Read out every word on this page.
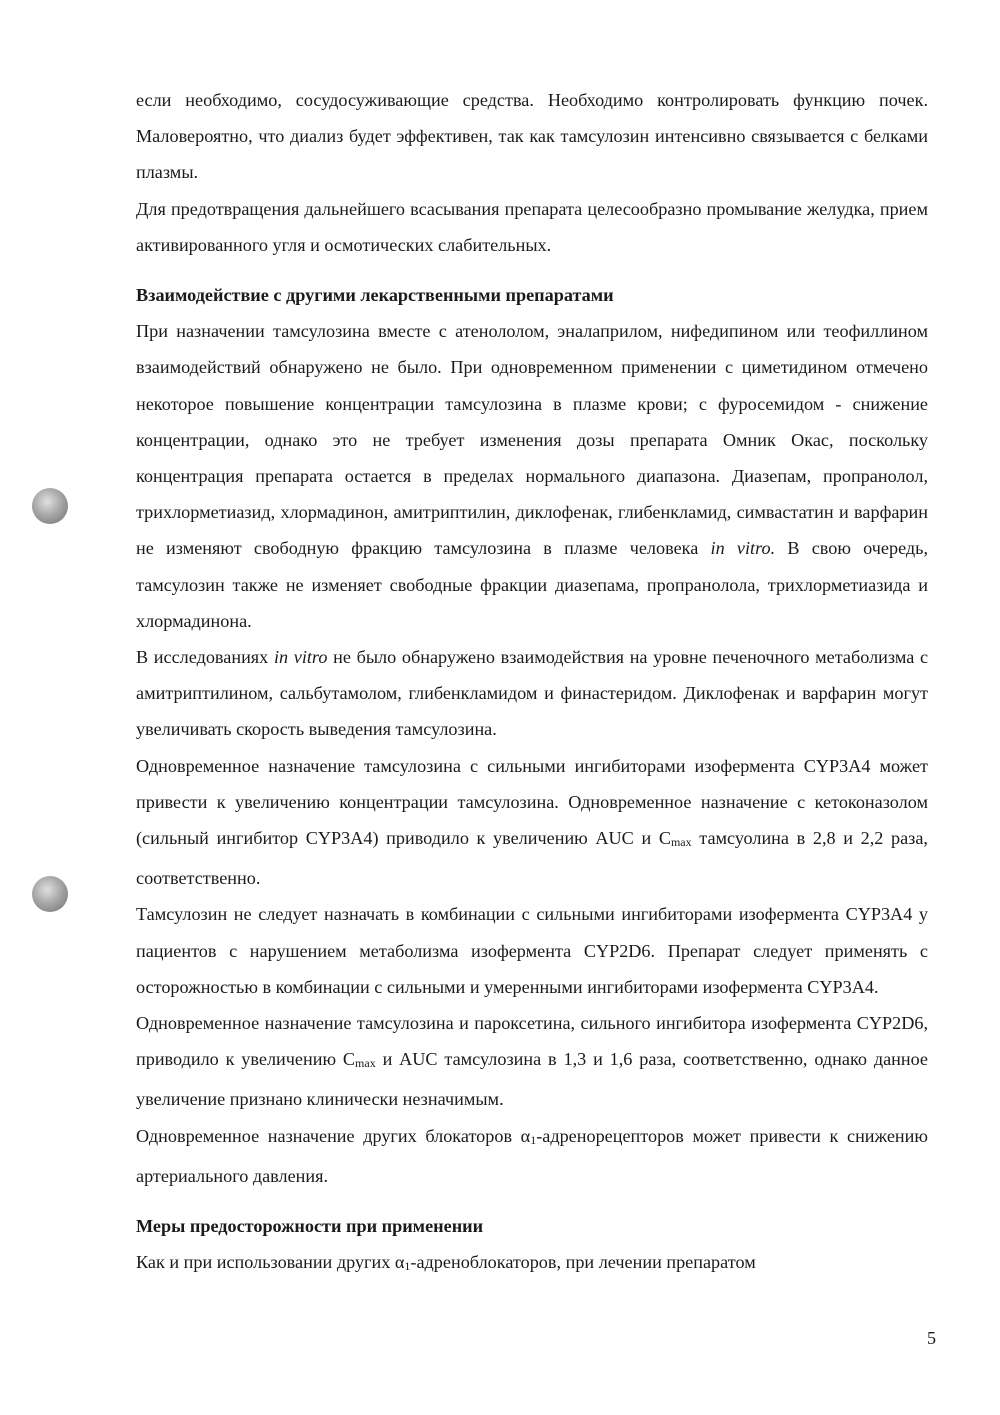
если необходимо, сосудосуживающие средства. Необходимо контролировать функцию почек. Маловероятно, что диализ будет эффективен, так как тамсулозин интенсивно связывается с белками плазмы.

Для предотвращения дальнейшего всасывания препарата целесообразно промывание желудка, прием активированного угля и осмотических слабительных.

Взаимодействие с другими лекарственными препаратами

При назначении тамсулозина вместе с атенололом, эналаприлом, нифедипином или теофиллином взаимодействий обнаружено не было. При одновременном применении с циметидином отмечено некоторое повышение концентрации тамсулозина в плазме крови; с фуросемидом - снижение концентрации, однако это не требует изменения дозы препарата Омник Окас, поскольку концентрация препарата остается в пределах нормального диапазона. Диазепам, пропранолол, трихлорметиазид, хлормадинон, амитриптилин, диклофенак, глибенкламид, симвастатин и варфарин не изменяют свободную фракцию тамсулозина в плазме человека in vitro. В свою очередь, тамсулозин также не изменяет свободные фракции диазепама, пропранолола, трихлорметиазида и хлормадинона.

В исследованиях in vitro не было обнаружено взаимодействия на уровне печеночного метаболизма с амитриптилином, сальбутамолом, глибенкламидом и финастеридом. Диклофенак и варфарин могут увеличивать скорость выведения тамсулозина.

Одновременное назначение тамсулозина с сильными ингибиторами изофермента CYP3A4 может привести к увеличению концентрации тамсулозина. Одновременное назначение с кетоконазолом (сильный ингибитор CYP3A4) приводило к увеличению AUC и $C_{max}$ тамсуолина в 2,8 и 2,2 раза, соответственно.

Тамсулозин не следует назначать в комбинации с сильными ингибиторами изофермента CYP3A4 у пациентов с нарушением метаболизма изофермента CYP2D6. Препарат следует применять с осторожностью в комбинации с сильными и умеренными ингибиторами изофермента CYP3A4.

Одновременное назначение тамсулозина и пароксетина, сильного ингибитора изофермента CYP2D6, приводило к увеличению $C_{max}$ и AUC тамсулозина в 1,3 и 1,6 раза, соответственно, однако данное увеличение признано клинически незначимым.

Одновременное назначение других блокаторов $\alpha_1$-адренорецепторов может привести к снижению артериального давления.

Меры предосторожности при применении

Как и при использовании других $\alpha_1$-адреноблокаторов, при лечении препаратом

5
